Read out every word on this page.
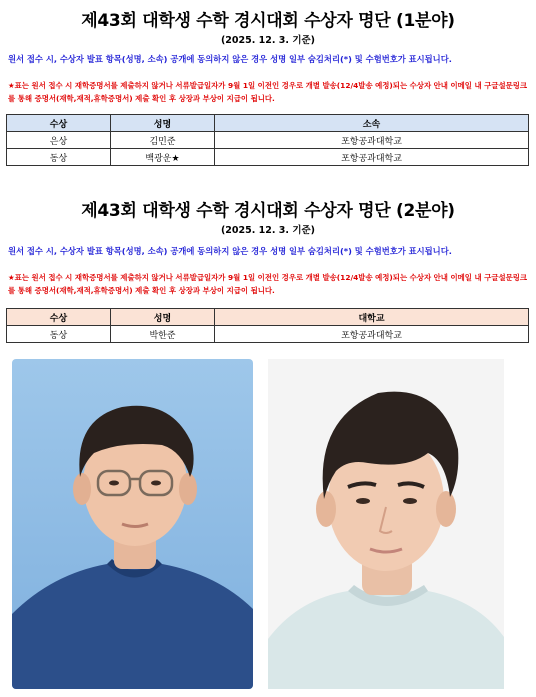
제43회 대학생 수학 경시대회 수상자 명단 (1분야)
(2025. 12. 3. 기준)
원서 접수 시, 수상자 발표 항목(성명, 소속) 공개에 동의하지 않은 경우 성명 일부 숨김처리(*) 및 수험번호가 표시됩니다.
★표는 원서 접수 시 재학증명서를 제출하지 않거나 서류발급일자가 9월 1일 이전인 경우로 개별 발송(12/4발송 예정)되는 수상자 안내 이메일 내 구글설문링크를 통해 증명서(재학,재적,휴학증명서) 제출 확인 후 상장과 부상이 지급이 됩니다.
수상	성명	소속
은상	김민준	포항공과대학교
동상	백광운★	포항공과대학교
제43회 대학생 수학 경시대회 수상자 명단 (2분야)
(2025. 12. 3. 기준)
원서 접수 시, 수상자 발표 항목(성명, 소속) 공개에 동의하지 않은 경우 성명 일부 숨김처리(*) 및 수험번호가 표시됩니다.
★표는 원서 접수 시 재학증명서를 제출하지 않거나 서류발급일자가 9월 1일 이전인 경우로 개별 발송(12/4발송 예정)되는 수상자 안내 이메일 내 구글설문링크를 통해 증명서(재학,재적,휴학증명서) 제출 확인 후 상장과 부상이 지급이 됩니다.
수상	성명	대학교
동상	박한준	포항공과대학교
